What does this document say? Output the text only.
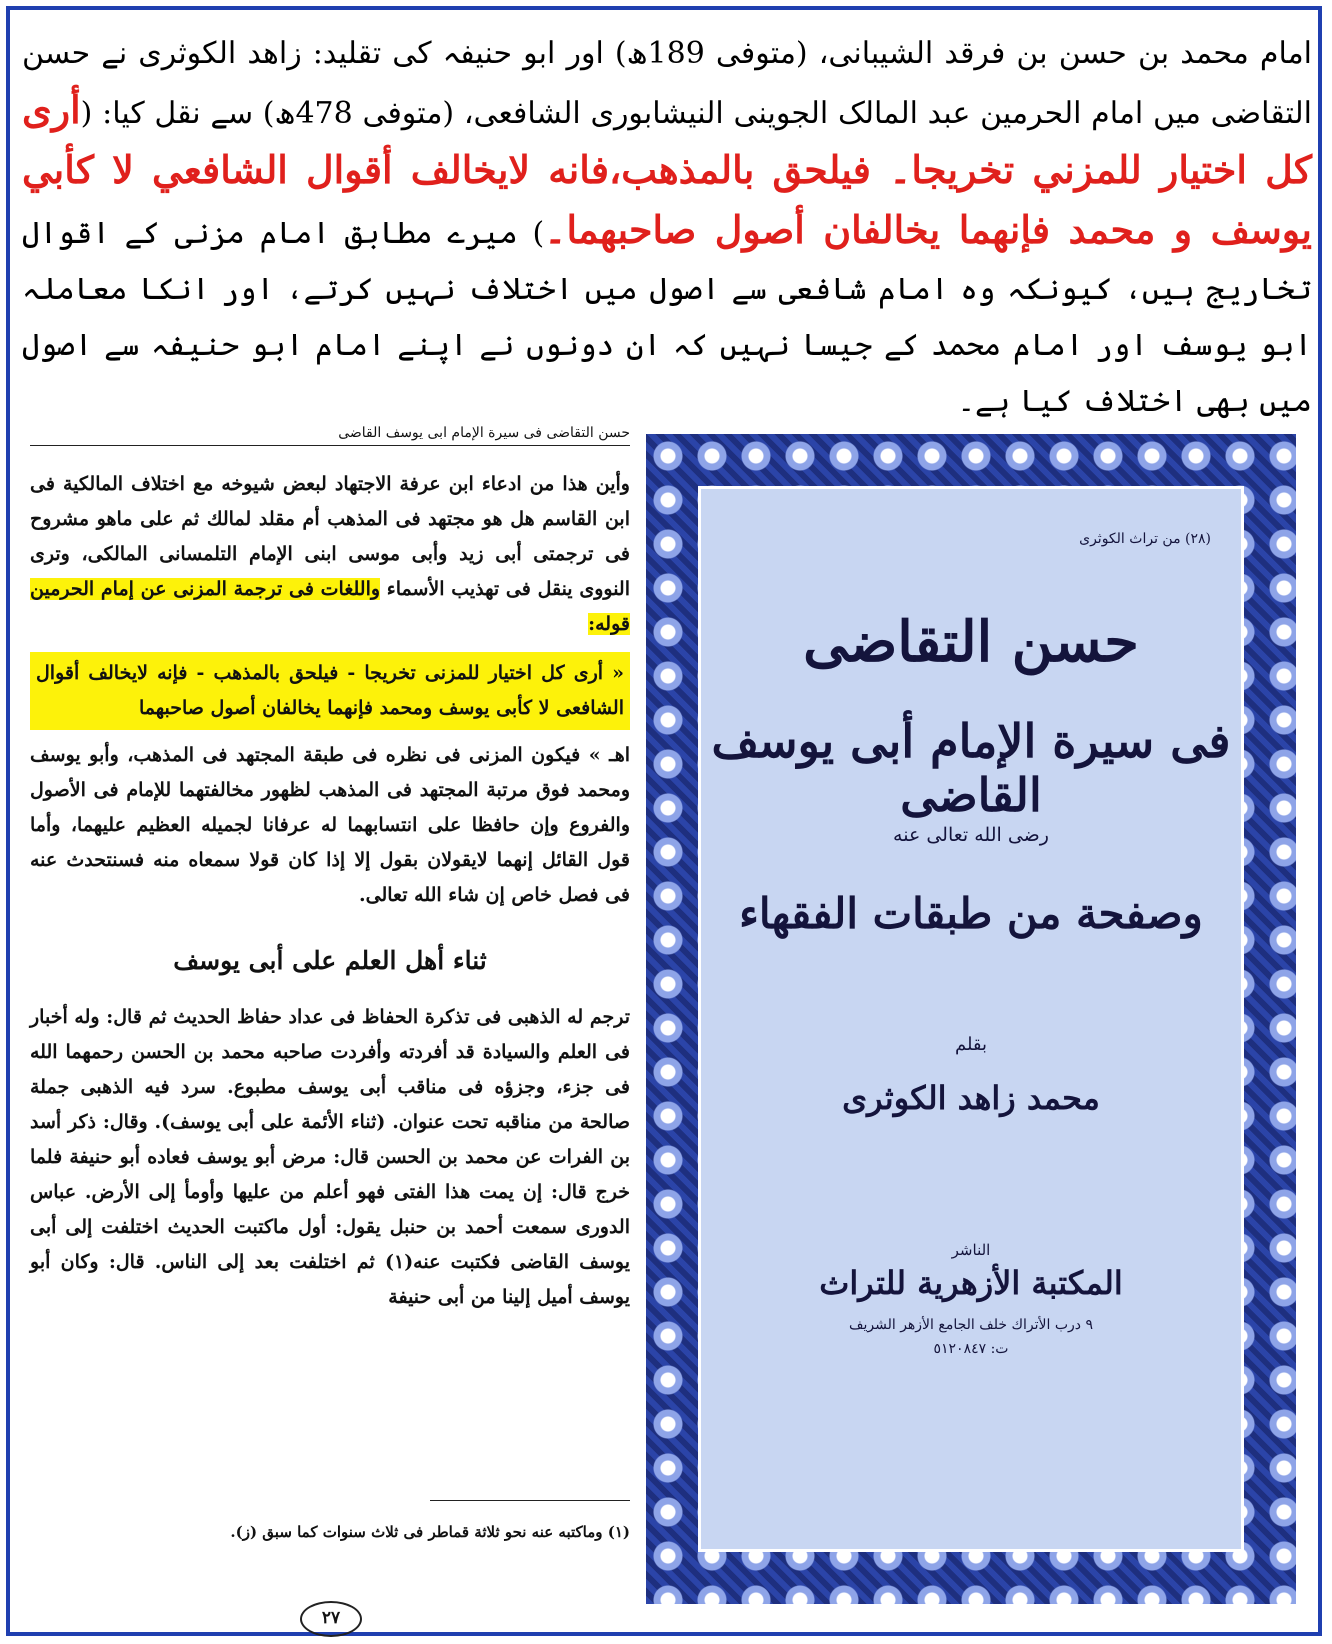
امام محمد بن حسن بن فرقد الشیبانی، (متوفی 189ھ) اور ابو حنیفہ کی تقلید: زاھد الکوثری نے حسن التقاضی میں امام الحرمین عبد المالک الجوینی النیشابوری الشافعی، (متوفی 478ھ) سے نقل کیا: (أرى كل اختيار للمزني تخريجا۔ فيلحق بالمذهب،فانه لايخالف أقوال الشافعي لا كأبي يوسف و محمد فإنهما يخالفان أصول صاحبهما۔) میرے مطابق امام مزنی کے اقوال تخاریج ہیں، کیونکہ وہ امام شافعی سے اصول میں اختلاف نہیں کرتے، اور انکا معاملہ ابو یوسف اور امام محمد کے جیسا نہیں کہ ان دونوں نے اپنے امام ابو حنیفہ سے اصول میں بھی اختلاف کیا ہے۔

حسن التقاضى فى سيرة الإمام ابى يوسف القاضى

وأين هذا من ادعاء ابن عرفة الاجتهاد لبعض شيوخه مع اختلاف المالكية فى ابن القاسم هل هو مجتهد فى المذهب أم مقلد لمالك ثم على ماهو مشروح فى ترجمتى أبى زيد وأبى موسى ابنى الإمام التلمسانى المالكى، وترى النووى ينقل فى تهذيب الأسماء واللغات فى ترجمة المزنى عن إمام الحرمين قوله:

« أرى كل اختيار للمزنى تخريجا - فيلحق بالمذهب - فإنه لايخالف أقوال الشافعى لا كأبى يوسف ومحمد فإنهما يخالفان أصول صاحبهما

اهـ » فيكون المزنى فى نظره فى طبقة المجتهد فى المذهب، وأبو يوسف ومحمد فوق مرتبة المجتهد فى المذهب لظهور مخالفتهما للإمام فى الأصول والفروع وإن حافظا على انتسابهما له عرفانا لجميله العظيم عليهما، وأما قول القائل إنهما لايقولان بقول إلا إذا كان قولا سمعاه منه فسنتحدث عنه فى فصل خاص إن شاء الله تعالى.

ثناء أهل العلم على أبى يوسف

ترجم له الذهبى فى تذكرة الحفاظ فى عداد حفاظ الحديث ثم قال: وله أخبار فى العلم والسيادة قد أفردته وأفردت صاحبه محمد بن الحسن رحمهما الله فى جزء، وجزؤه فى مناقب أبى يوسف مطبوع. سرد فيه الذهبى جملة صالحة من مناقبه تحت عنوان. (ثناء الأئمة على أبى يوسف). وقال: ذكر أسد بن الفرات عن محمد بن الحسن قال: مرض أبو يوسف فعاده أبو حنيفة فلما خرج قال: إن يمت هذا الفتى فهو أعلم من عليها وأومأ إلى الأرض. عباس الدورى سمعت أحمد بن حنبل يقول: أول ماكتبت الحديث اختلفت إلى أبى يوسف القاضى فكتبت عنه(١) ثم اختلفت بعد إلى الناس. قال: وكان أبو يوسف أميل إلينا من أبى حنيفة

(١) وماكتبه عنه نحو ثلاثة قماطر فى ثلاث سنوات كما سبق (ز).
٢٧
(٢٨) من تراث الكوثرى
حسن التقاضى
فى سيرة الإمام أبى يوسف القاضى
رضى الله تعالى عنه
وصفحة من طبقات الفقهاء
بقلم
محمد زاهد الكوثرى
الناشر
المكتبة الأزهرية للتراث
٩ درب الأتراك خلف الجامع الأزهر الشريف
ت: ٥١٢٠٨٤٧
